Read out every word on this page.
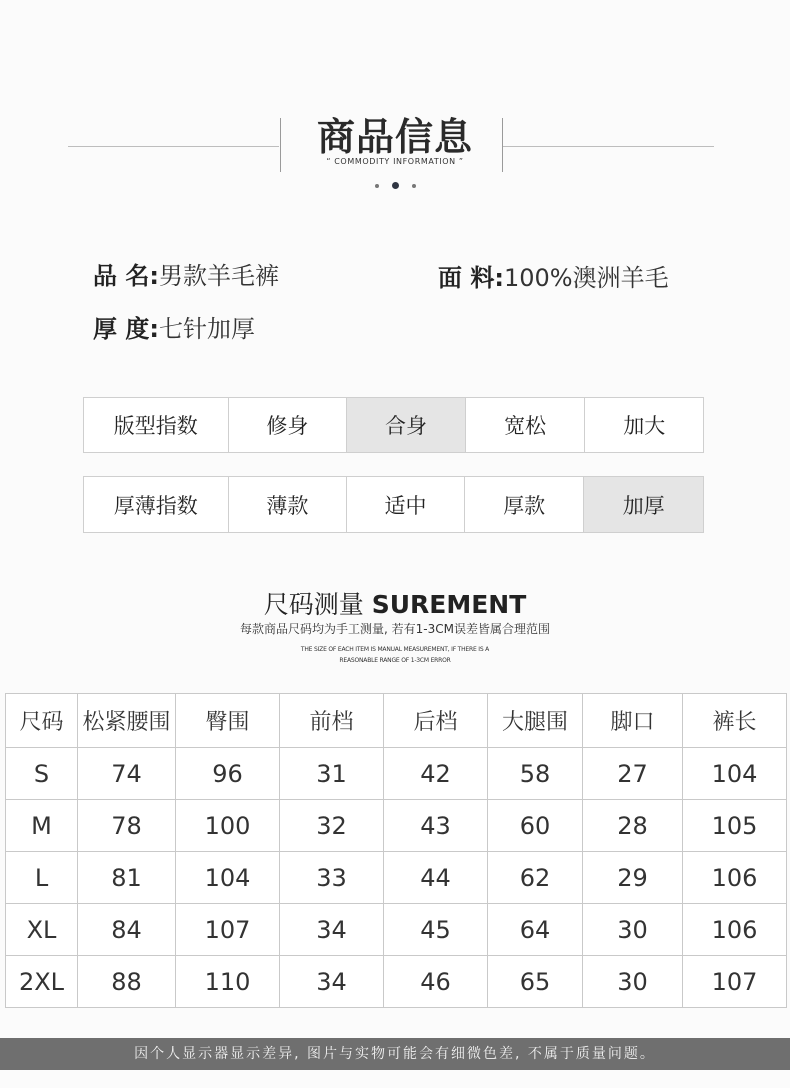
商品信息
“ COMMODITY INFORMATION ”
品 名:男款羊毛裤	面 料:100%澳洲羊毛
厚 度:七针加厚
版型指数	修身	合身	宽松	加大
厚薄指数	薄款	适中	厚款	加厚
尺码测量 SUREMENT
每款商品尺码均为手工测量, 若有1-3CM误差皆属合理范围
THE SIZE OF EACH ITEM IS MANUAL MEASUREMENT, IF THERE IS A
REASONABLE RANGE OF 1-3CM ERROR
尺码	松紧腰围	臀围	前档	后档	大腿围	脚口	裤长
S	74	96	31	42	58	27	104
M	78	100	32	43	60	28	105
L	81	104	33	44	62	29	106
XL	84	107	34	45	64	30	106
2XL	88	110	34	46	65	30	107
因个人显示器显示差异, 图片与实物可能会有细微色差, 不属于质量问题。
